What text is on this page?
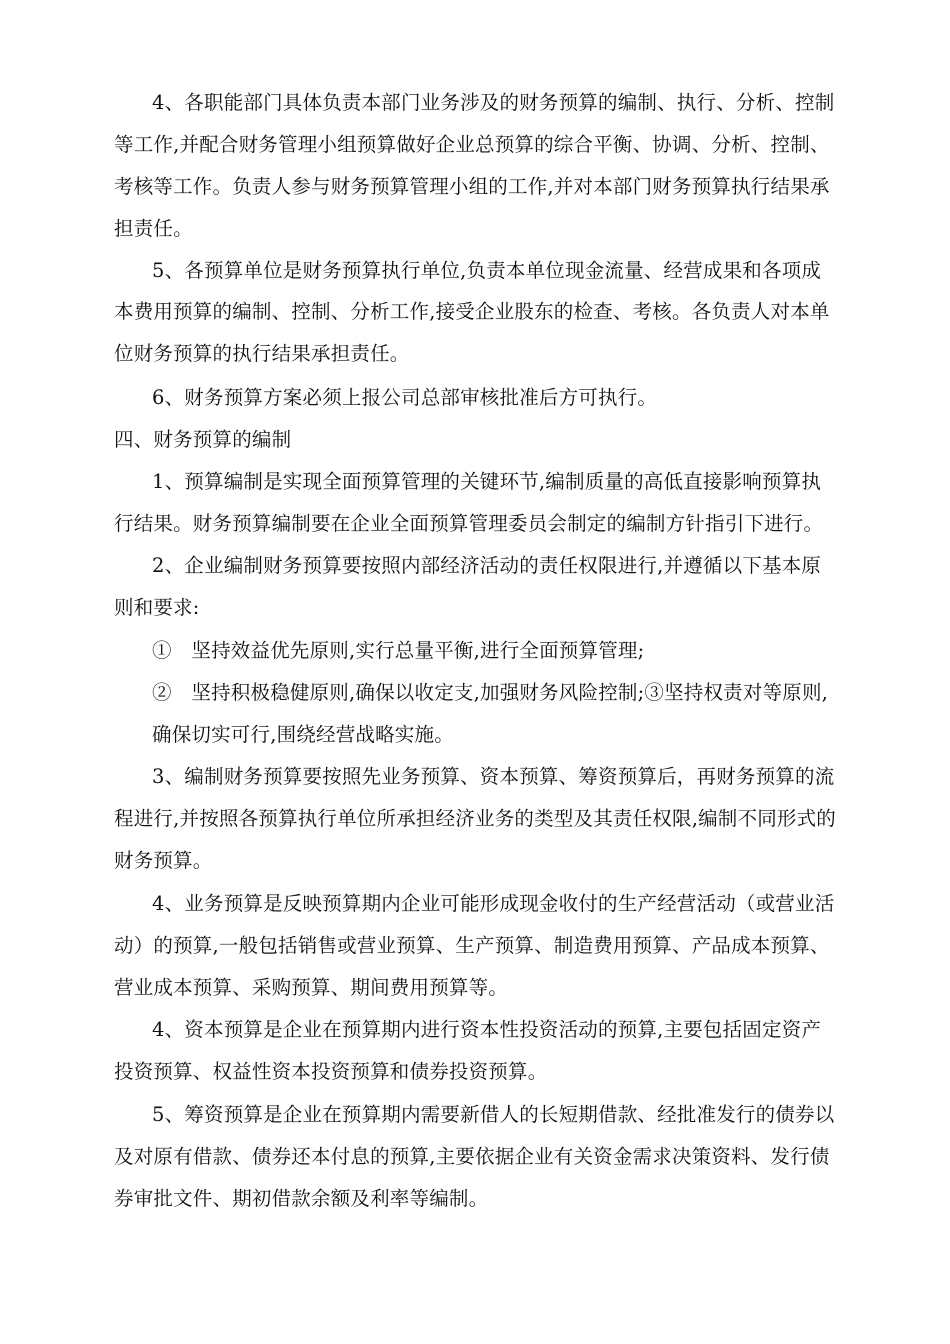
4、各职能部门具体负责本部门业务涉及的财务预算的编制、执行、分析、控制
等工作,并配合财务管理小组预算做好企业总预算的综合平衡、协调、分析、控制、
考核等工作。负责人参与财务预算管理小组的工作,并对本部门财务预算执行结果承
担责任。
5、各预算单位是财务预算执行单位,负责本单位现金流量、经营成果和各项成
本费用预算的编制、控制、分析工作,接受企业股东的检查、考核。各负责人对本单
位财务预算的执行结果承担责任。
6、财务预算方案必须上报公司总部审核批准后方可执行。
四、财务预算的编制
1、预算编制是实现全面预算管理的关键环节,编制质量的高低直接影响预算执
行结果。财务预算编制要在企业全面预算管理委员会制定的编制方针指引下进行。
2、企业编制财务预算要按照内部经济活动的责任权限进行,并遵循以下基本原
则和要求:
①　坚持效益优先原则,实行总量平衡,进行全面预算管理;
②　坚持积极稳健原则,确保以收定支,加强财务风险控制;③坚持权责对等原则,
确保切实可行,围绕经营战略实施。
3、编制财务预算要按照先业务预算、资本预算、筹资预算后，再财务预算的流
程进行,并按照各预算执行单位所承担经济业务的类型及其责任权限,编制不同形式的
财务预算。
4、业务预算是反映预算期内企业可能形成现金收付的生产经营活动（或营业活
动）的预算,一般包括销售或营业预算、生产预算、制造费用预算、产品成本预算、
营业成本预算、采购预算、期间费用预算等。
4、资本预算是企业在预算期内进行资本性投资活动的预算,主要包括固定资产
投资预算、权益性资本投资预算和债券投资预算。
5、筹资预算是企业在预算期内需要新借人的长短期借款、经批准发行的债券以
及对原有借款、债券还本付息的预算,主要依据企业有关资金需求决策资料、发行债
券审批文件、期初借款余额及利率等编制。
